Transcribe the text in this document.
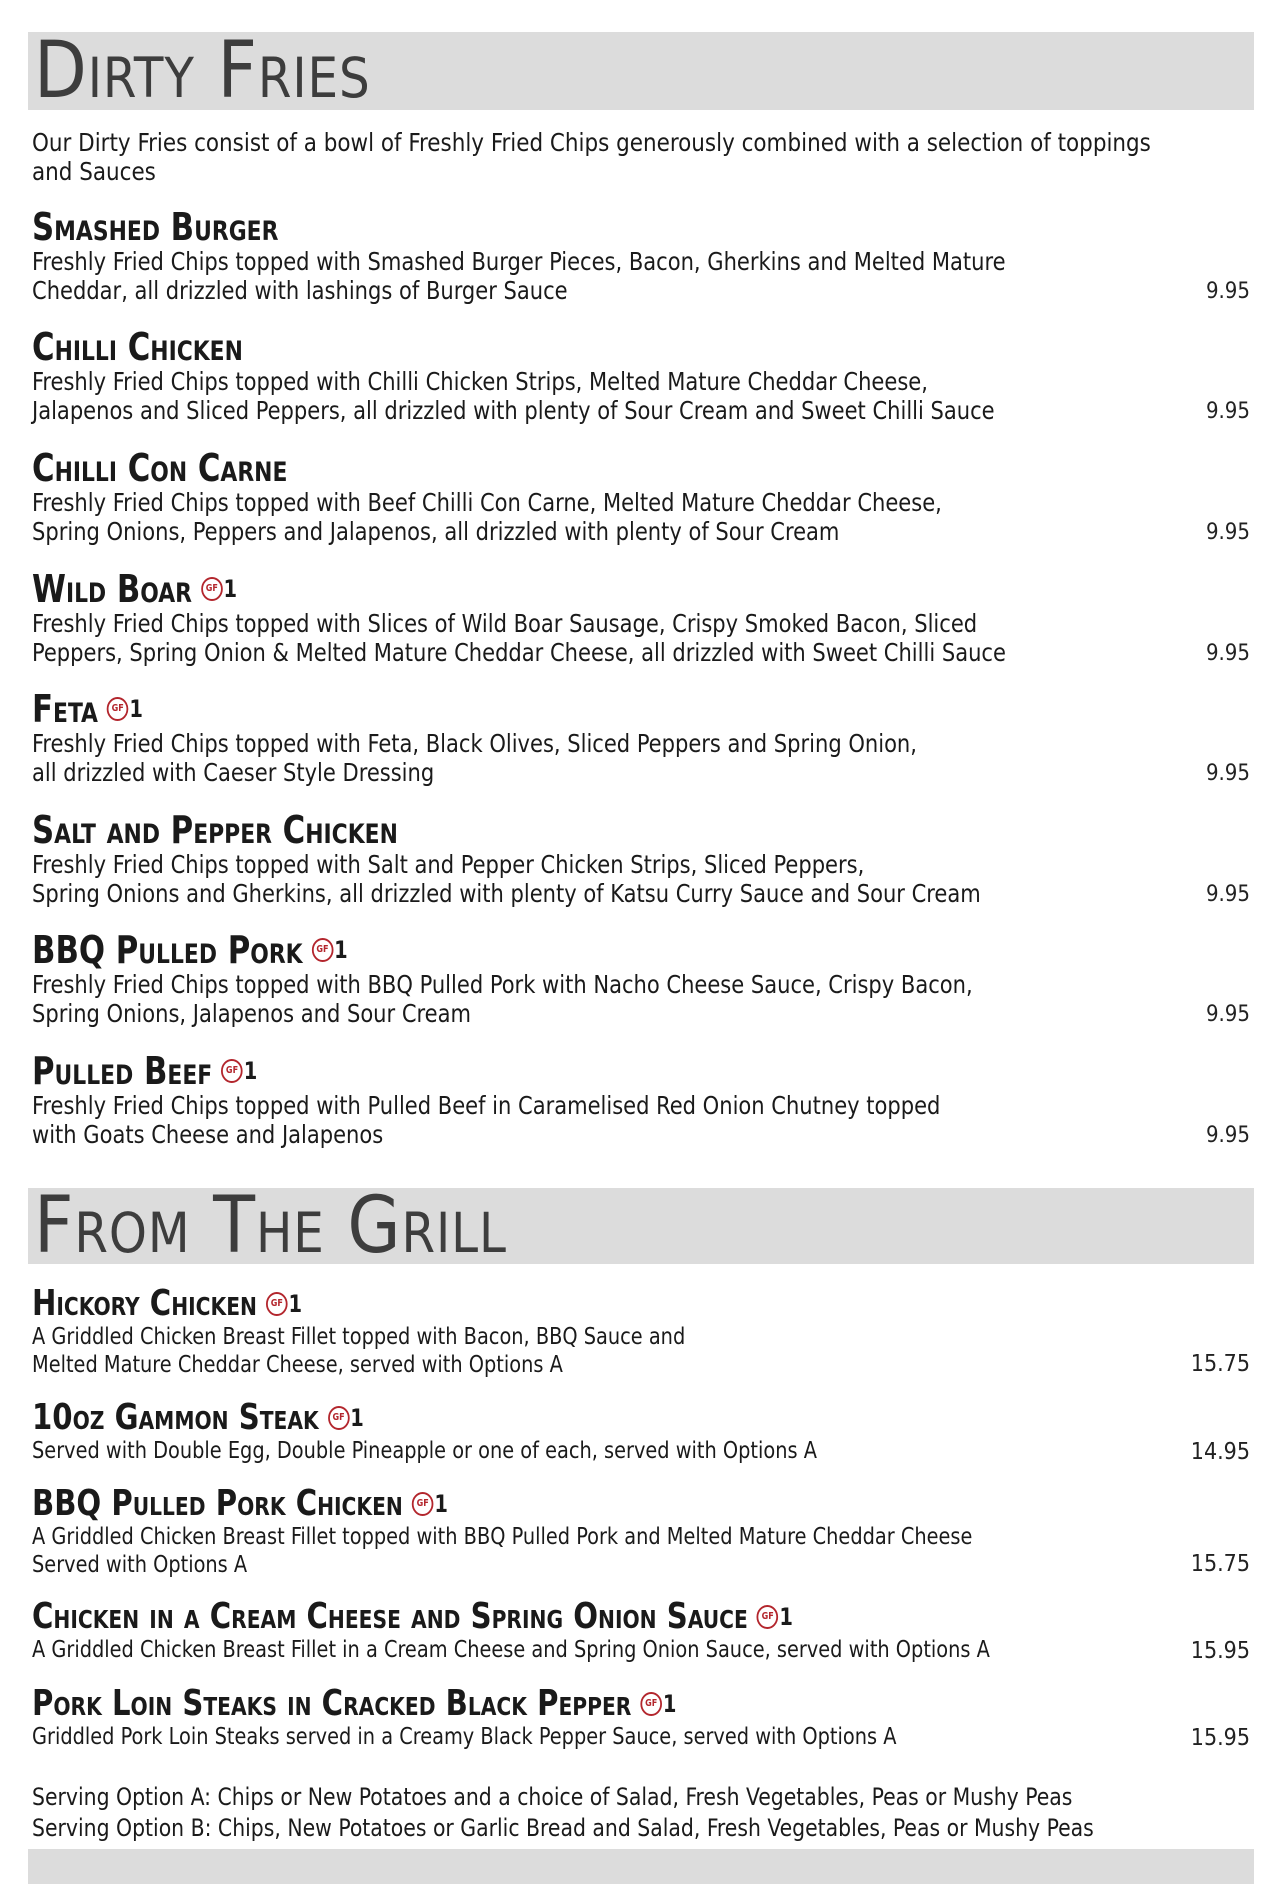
Dirty Fries

Our Dirty Fries consist of a bowl of Freshly Fried Chips generously combined with a selection of toppings and Sauces

Smashed Burger

Freshly Fried Chips topped with Smashed Burger Pieces, Bacon, Gherkins and Melted Mature

Cheddar, all drizzled with lashings of Burger Sauce	9.95
Chilli Chicken

Freshly Fried Chips topped with Chilli Chicken Strips, Melted Mature Cheddar Cheese,

Jalapenos and Sliced Peppers, all drizzled with plenty of Sour Cream and Sweet Chilli Sauce	9.95
Chilli Con Carne

Freshly Fried Chips topped with Beef Chilli Con Carne, Melted Mature Cheddar Cheese,

Spring Onions, Peppers and Jalapenos, all drizzled with plenty of Sour Cream	9.95
Wild Boar	GF 1

Freshly Fried Chips topped with Slices of Wild Boar Sausage, Crispy Smoked Bacon, Sliced

Peppers, Spring Onion & Melted Mature Cheddar Cheese, all drizzled with Sweet Chilli Sauce	9.95
Feta	GF 1

Freshly Fried Chips topped with Feta, Black Olives, Sliced Peppers and Spring Onion,

all drizzled with Caeser Style Dressing	9.95
Salt and Pepper Chicken

Freshly Fried Chips topped with Salt and Pepper Chicken Strips, Sliced Peppers,

Spring Onions and Gherkins, all drizzled with plenty of Katsu Curry Sauce and Sour Cream	9.95
BBQ Pulled Pork	GF 1

Freshly Fried Chips topped with BBQ Pulled Pork with Nacho Cheese Sauce, Crispy Bacon,

Spring Onions, Jalapenos and Sour Cream	9.95
Pulled Beef	GF 1

Freshly Fried Chips topped with Pulled Beef in Caramelised Red Onion Chutney topped

with Goats Cheese and Jalapenos	9.95
From The Grill
Hickory Chicken	GF 1

A Griddled Chicken Breast Fillet topped with Bacon, BBQ Sauce and

Melted Mature Cheddar Cheese, served with Options A	15.75
10oz Gammon Steak	GF 1

Served with Double Egg, Double Pineapple or one of each, served with Options A	14.95
BBQ Pulled Pork Chicken	GF 1

A Griddled Chicken Breast Fillet topped with BBQ Pulled Pork and Melted Mature Cheddar Cheese

Served with Options A	15.75
Chicken in a Cream Cheese and Spring Onion Sauce	GF 1

A Griddled Chicken Breast Fillet in a Cream Cheese and Spring Onion Sauce, served with Options A	15.95
Pork Loin Steaks in Cracked Black Pepper	GF 1

Griddled Pork Loin Steaks served in a Creamy Black Pepper Sauce, served with Options A	15.95

Serving Option A: Chips or New Potatoes and a choice of Salad, Fresh Vegetables, Peas or Mushy Peas

Serving Option B: Chips, New Potatoes or Garlic Bread and Salad, Fresh Vegetables, Peas or Mushy Peas
